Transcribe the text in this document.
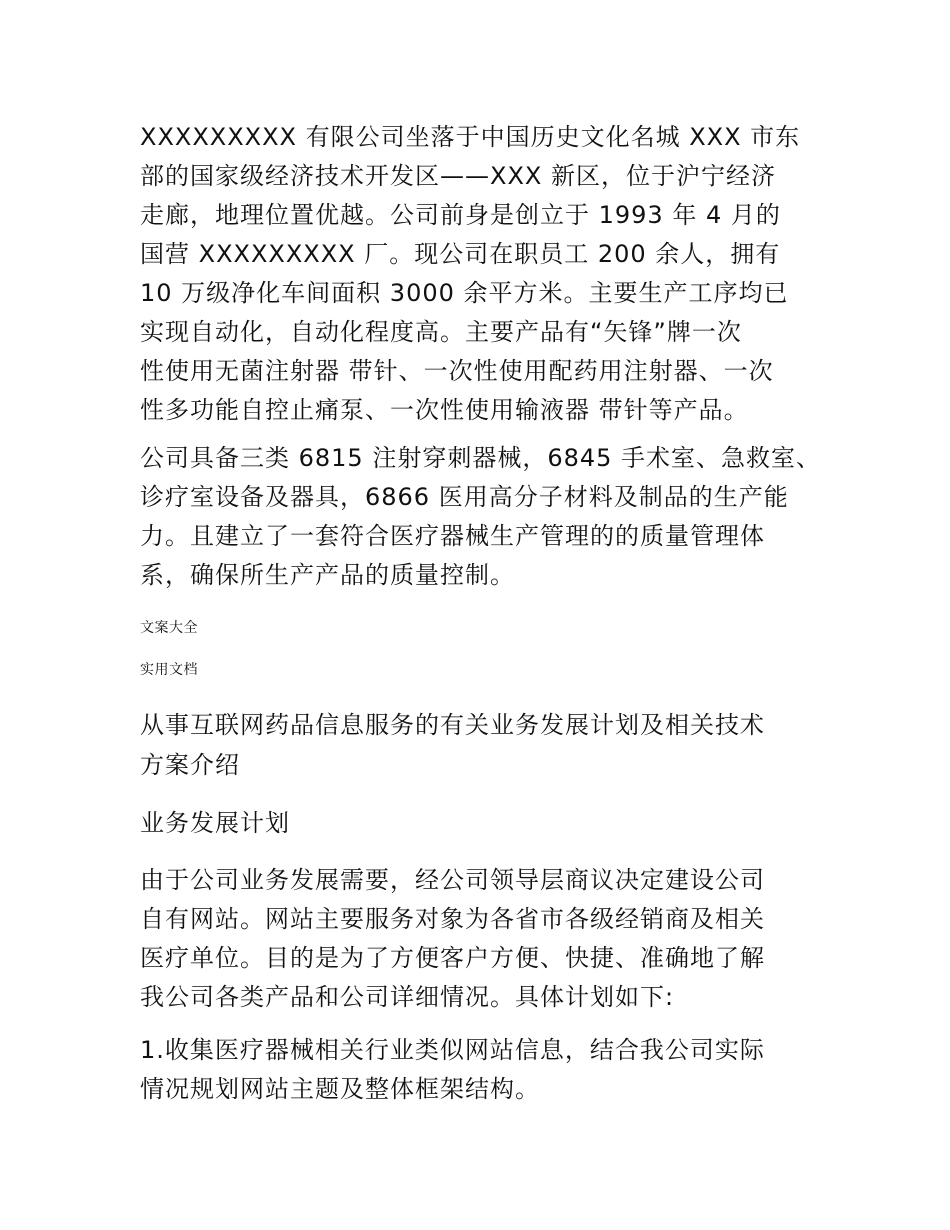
XXXXXXXXX 有限公司坐落于中国历史文化名城 XXX 市东
部的国家级经济技术开发区——XXX 新区，位于沪宁经济
走廊，地理位置优越。公司前身是创立于 1993 年 4 月的
国营 XXXXXXXXX 厂。现公司在职员工 200 余人，拥有
10 万级净化车间面积 3000 余平方米。主要生产工序均已
实现自动化，自动化程度高。主要产品有“矢锋”牌一次
性使用无菌注射器 带针、一次性使用配药用注射器、一次
性多功能自控止痛泵、一次性使用输液器 带针等产品。
公司具备三类 6815 注射穿刺器械，6845 手术室、急救室、
诊疗室设备及器具，6866 医用高分子材料及制品的生产能
力。且建立了一套符合医疗器械生产管理的的质量管理体
系，确保所生产产品的质量控制。
文案大全
实用文档
从事互联网药品信息服务的有关业务发展计划及相关技术
方案介绍
业务发展计划
由于公司业务发展需要，经公司领导层商议决定建设公司
自有网站。网站主要服务对象为各省市各级经销商及相关
医疗单位。目的是为了方便客户方便、快捷、准确地了解
我公司各类产品和公司详细情况。具体计划如下:
1.收集医疗器械相关行业类似网站信息，结合我公司实际
情况规划网站主题及整体框架结构。
